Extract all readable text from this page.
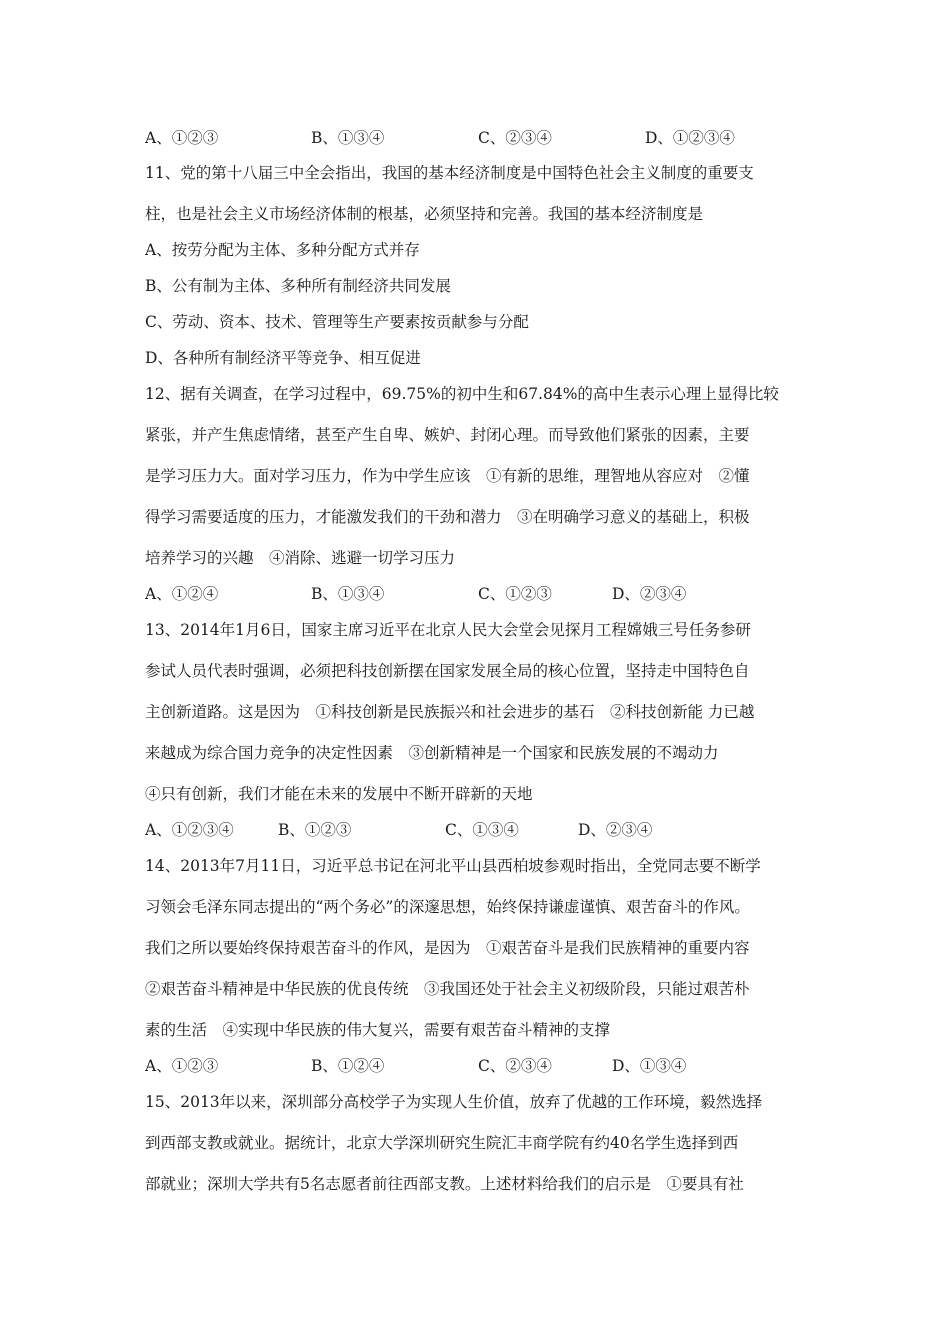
A、①②③	B、①③④	C、②③④	D、①②③④
11、党的第十八届三中全会指出，我国的基本经济制度是中国特色社会主义制度的重要支
柱，也是社会主义市场经济体制的根基，必须坚持和完善。我国的基本经济制度是
A、按劳分配为主体、多种分配方式并存
B、公有制为主体、多种所有制经济共同发展
C、劳动、资本、技术、管理等生产要素按贡献参与分配
D、各种所有制经济平等竞争、相互促进
12、据有关调查，在学习过程中，69.75%的初中生和67.84%的高中生表示心理上显得比较
紧张，并产生焦虑情绪，甚至产生自卑、嫉妒、封闭心理。而导致他们紧张的因素，主要
是学习压力大。面对学习压力，作为中学生应该　①有新的思维，理智地从容应对　②懂
得学习需要适度的压力，才能激发我们的干劲和潜力　③在明确学习意义的基础上，积极
培养学习的兴趣　④消除、逃避一切学习压力
A、①②④	B、①③④	C、①②③	D、②③④
13、2014年1月6日，国家主席习近平在北京人民大会堂会见探月工程嫦娥三号任务参研
参试人员代表时强调，必须把科技创新摆在国家发展全局的核心位置，坚持走中国特色自
主创新道路。这是因为　①科技创新是民族振兴和社会进步的基石　②科技创新能 力已越
来越成为综合国力竞争的决定性因素　③创新精神是一个国家和民族发展的不竭动力
④只有创新，我们才能在未来的发展中不断开辟新的天地
A、①②③④	B、①②③	C、①③④	D、②③④
14、2013年7月11日，习近平总书记在河北平山县西柏坡参观时指出，全党同志要不断学
习领会毛泽东同志提出的“两个务必”的深邃思想，始终保持谦虚谨慎、艰苦奋斗的作风。
我们之所以要始终保持艰苦奋斗的作风，是因为　①艰苦奋斗是我们民族精神的重要内容
②艰苦奋斗精神是中华民族的优良传统　③我国还处于社会主义初级阶段，只能过艰苦朴
素的生活　④实现中华民族的伟大复兴，需要有艰苦奋斗精神的支撑
A、①②③	B、①②④	C、②③④	D、①③④
15、2013年以来，深圳部分高校学子为实现人生价值，放弃了优越的工作环境，毅然选择
到西部支教或就业。据统计，北京大学深圳研究生院汇丰商学院有约40名学生选择到西
部就业；深圳大学共有5名志愿者前往西部支教。上述材料给我们的启示是　①要具有社
